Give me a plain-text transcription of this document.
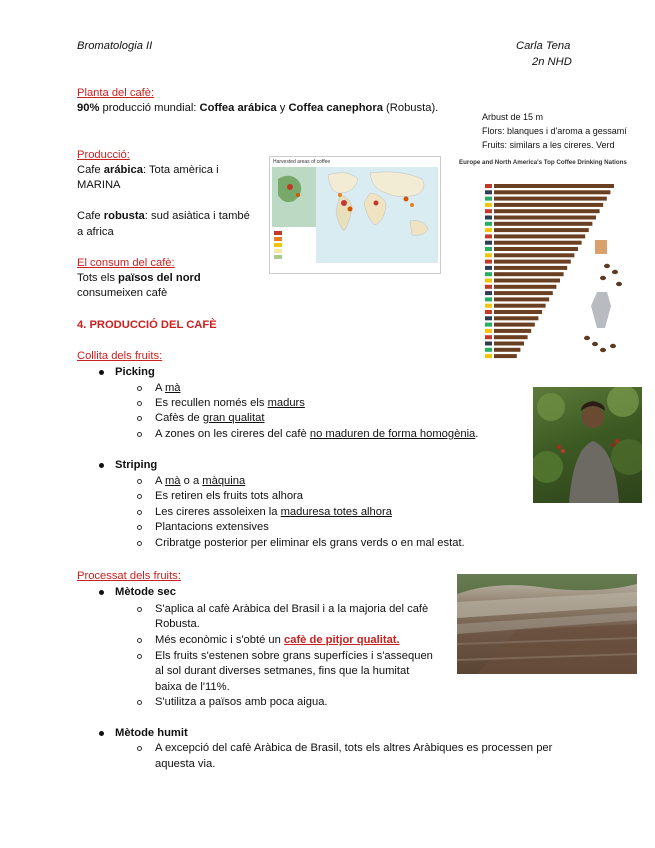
Bromatologia II	Carla Tena
2n NHD
Planta del cafè:
90% producció mundial: Coffea arábica y Coffea canephora (Robusta).
Arbust de 15 m
Flors: blanques i d'aroma a gessamí
Fruits: similars a les cireres. Verd
Producció:
Cafe arábica: Tota amèrica i
MARINA
Cafe robusta: sud asiàtica i també
a africa
El consum del cafè:
Tots els països del nord
consumeixen cafè
Harvested areas of coffee	Europe and North America's Top Coffee Drinking Nations
4. PRODUCCIÓ DEL CAFÈ
Collita dels fruits:
Picking
A mà
Es recullen només els madurs
Cafès de gran qualitat
A zones on les cireres del cafè no maduren de forma homogènia.
Striping
A mà o a màquina
Es retiren els fruits tots alhora
Les cireres assoleixen la maduresa totes alhora
Plantacions extensives
Cribratge posterior per eliminar els grans verds o en mal estat.
Processat dels fruits:
Mètode sec
S'aplica al cafè Aràbica del Brasil i a la majoria del cafè
Robusta.
Més econòmic i s'obté un cafè de pitjor qualitat.
Els fruits s'estenen sobre grans superfícies i s'assequen
al sol durant diverses setmanes, fins que la humitat
baixa de l'11%.
S'utilitza a països amb poca aigua.
Mètode humit
A excepció del cafè Aràbica de Brasil, tots els altres Aràbiques es processen per
aquesta via.
